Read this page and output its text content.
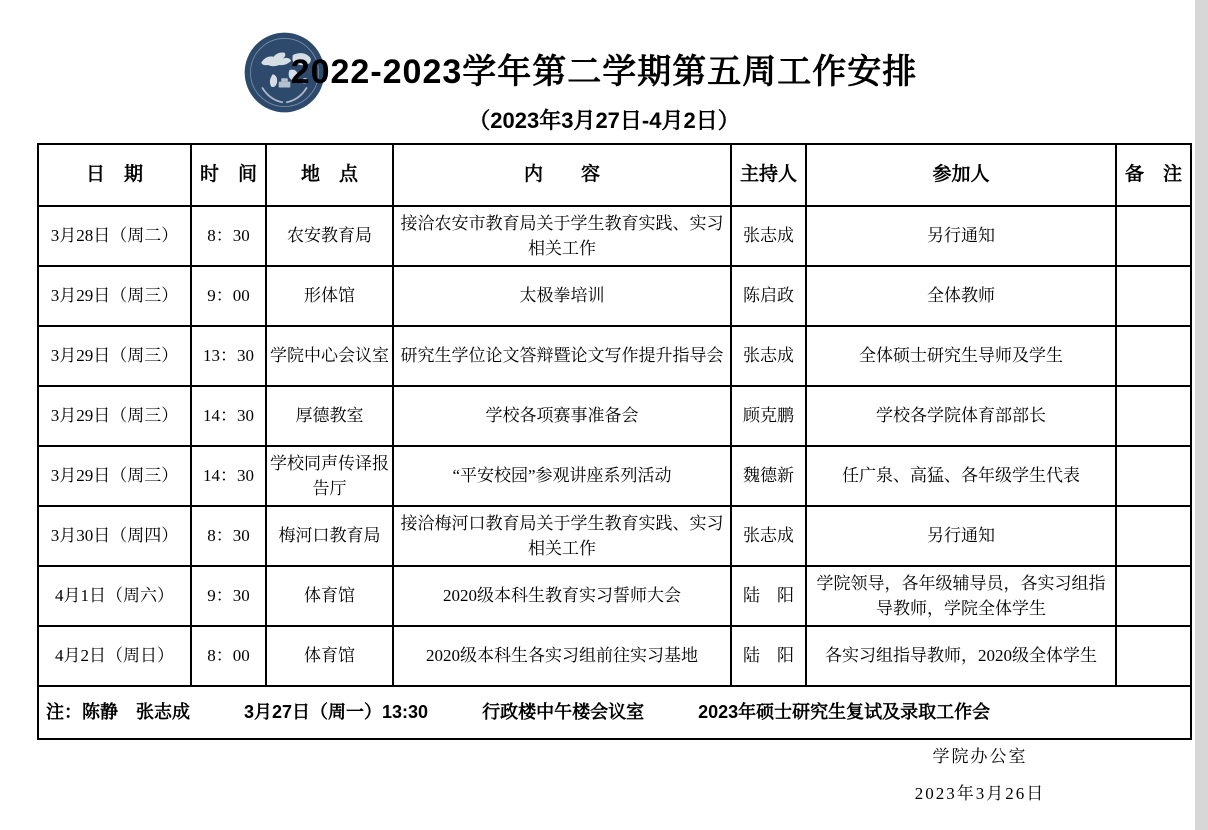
2022-2023学年第二学期第五周工作安排
（2023年3月27日-4月2日）
日　期	时　间	地　点	内　　容	主持人	参加人	备　注
3月28日（周二）	8：30	农安教育局	接洽农安市教育局关于学生教育实践、实习相关工作	张志成	另行通知	
3月29日（周三）	9：00	形体馆	太极拳培训	陈启政	全体教师	
3月29日（周三）	13：30	学院中心会议室	研究生学位论文答辩暨论文写作提升指导会	张志成	全体硕士研究生导师及学生	
3月29日（周三）	14：30	厚德教室	学校各项赛事准备会	顾克鹏	学校各学院体育部部长	
3月29日（周三）	14：30	学校同声传译报告厅	“平安校园”参观讲座系列活动	魏德新	任广泉、高猛、各年级学生代表	
3月30日（周四）	8：30	梅河口教育局	接洽梅河口教育局关于学生教育实践、实习相关工作	张志成	另行通知	
4月1日（周六）	9：30	体育馆	2020级本科生教育实习誓师大会	陆　阳	学院领导，各年级辅导员，各实习组指导教师，学院全体学生	
4月2日（周日）	8：00	体育馆	2020级本科生各实习组前往实习基地	陆　阳	各实习组指导教师，2020级全体学生	
注：陈静　张志成　　　3月27日（周一）13:30　　　行政楼中午楼会议室　　　2023年硕士研究生复试及录取工作会						
学院办公室
2023年3月26日
